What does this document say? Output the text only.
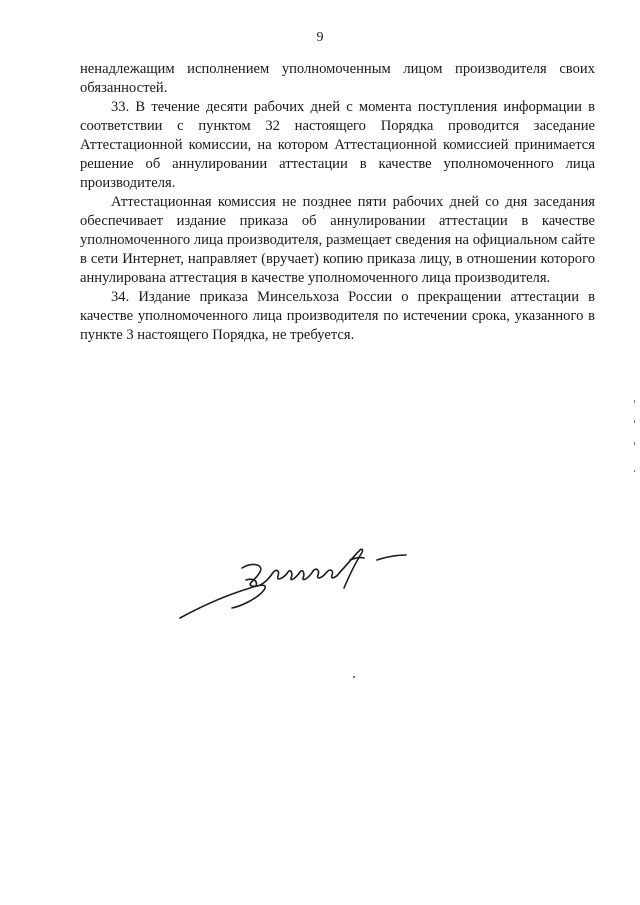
9

ненадлежащим исполнением уполномоченным лицом производителя своих обязанностей.

33. В течение десяти рабочих дней с момента поступления информации в соответствии с пунктом 32 настоящего Порядка проводится заседание Аттестационной комиссии, на котором Аттестационной комиссией принимается решение об аннулировании аттестации в качестве уполномоченного лица производителя.

Аттестационная комиссия не позднее пяти рабочих дней со дня заседания обеспечивает издание приказа об аннулировании аттестации в качестве уполномоченного лица производителя, размещает сведения на официальном сайте в сети Интернет, направляет (вручает) копию приказа лицу, в отношении которого аннулирована аттестация в качестве уполномоченного лица производителя.

34. Издание приказа Минсельхоза России о прекращении аттестации в качестве уполномоченного лица производителя по истечении срока, указанного в пункте 3 настоящего Порядка, не требуется.
